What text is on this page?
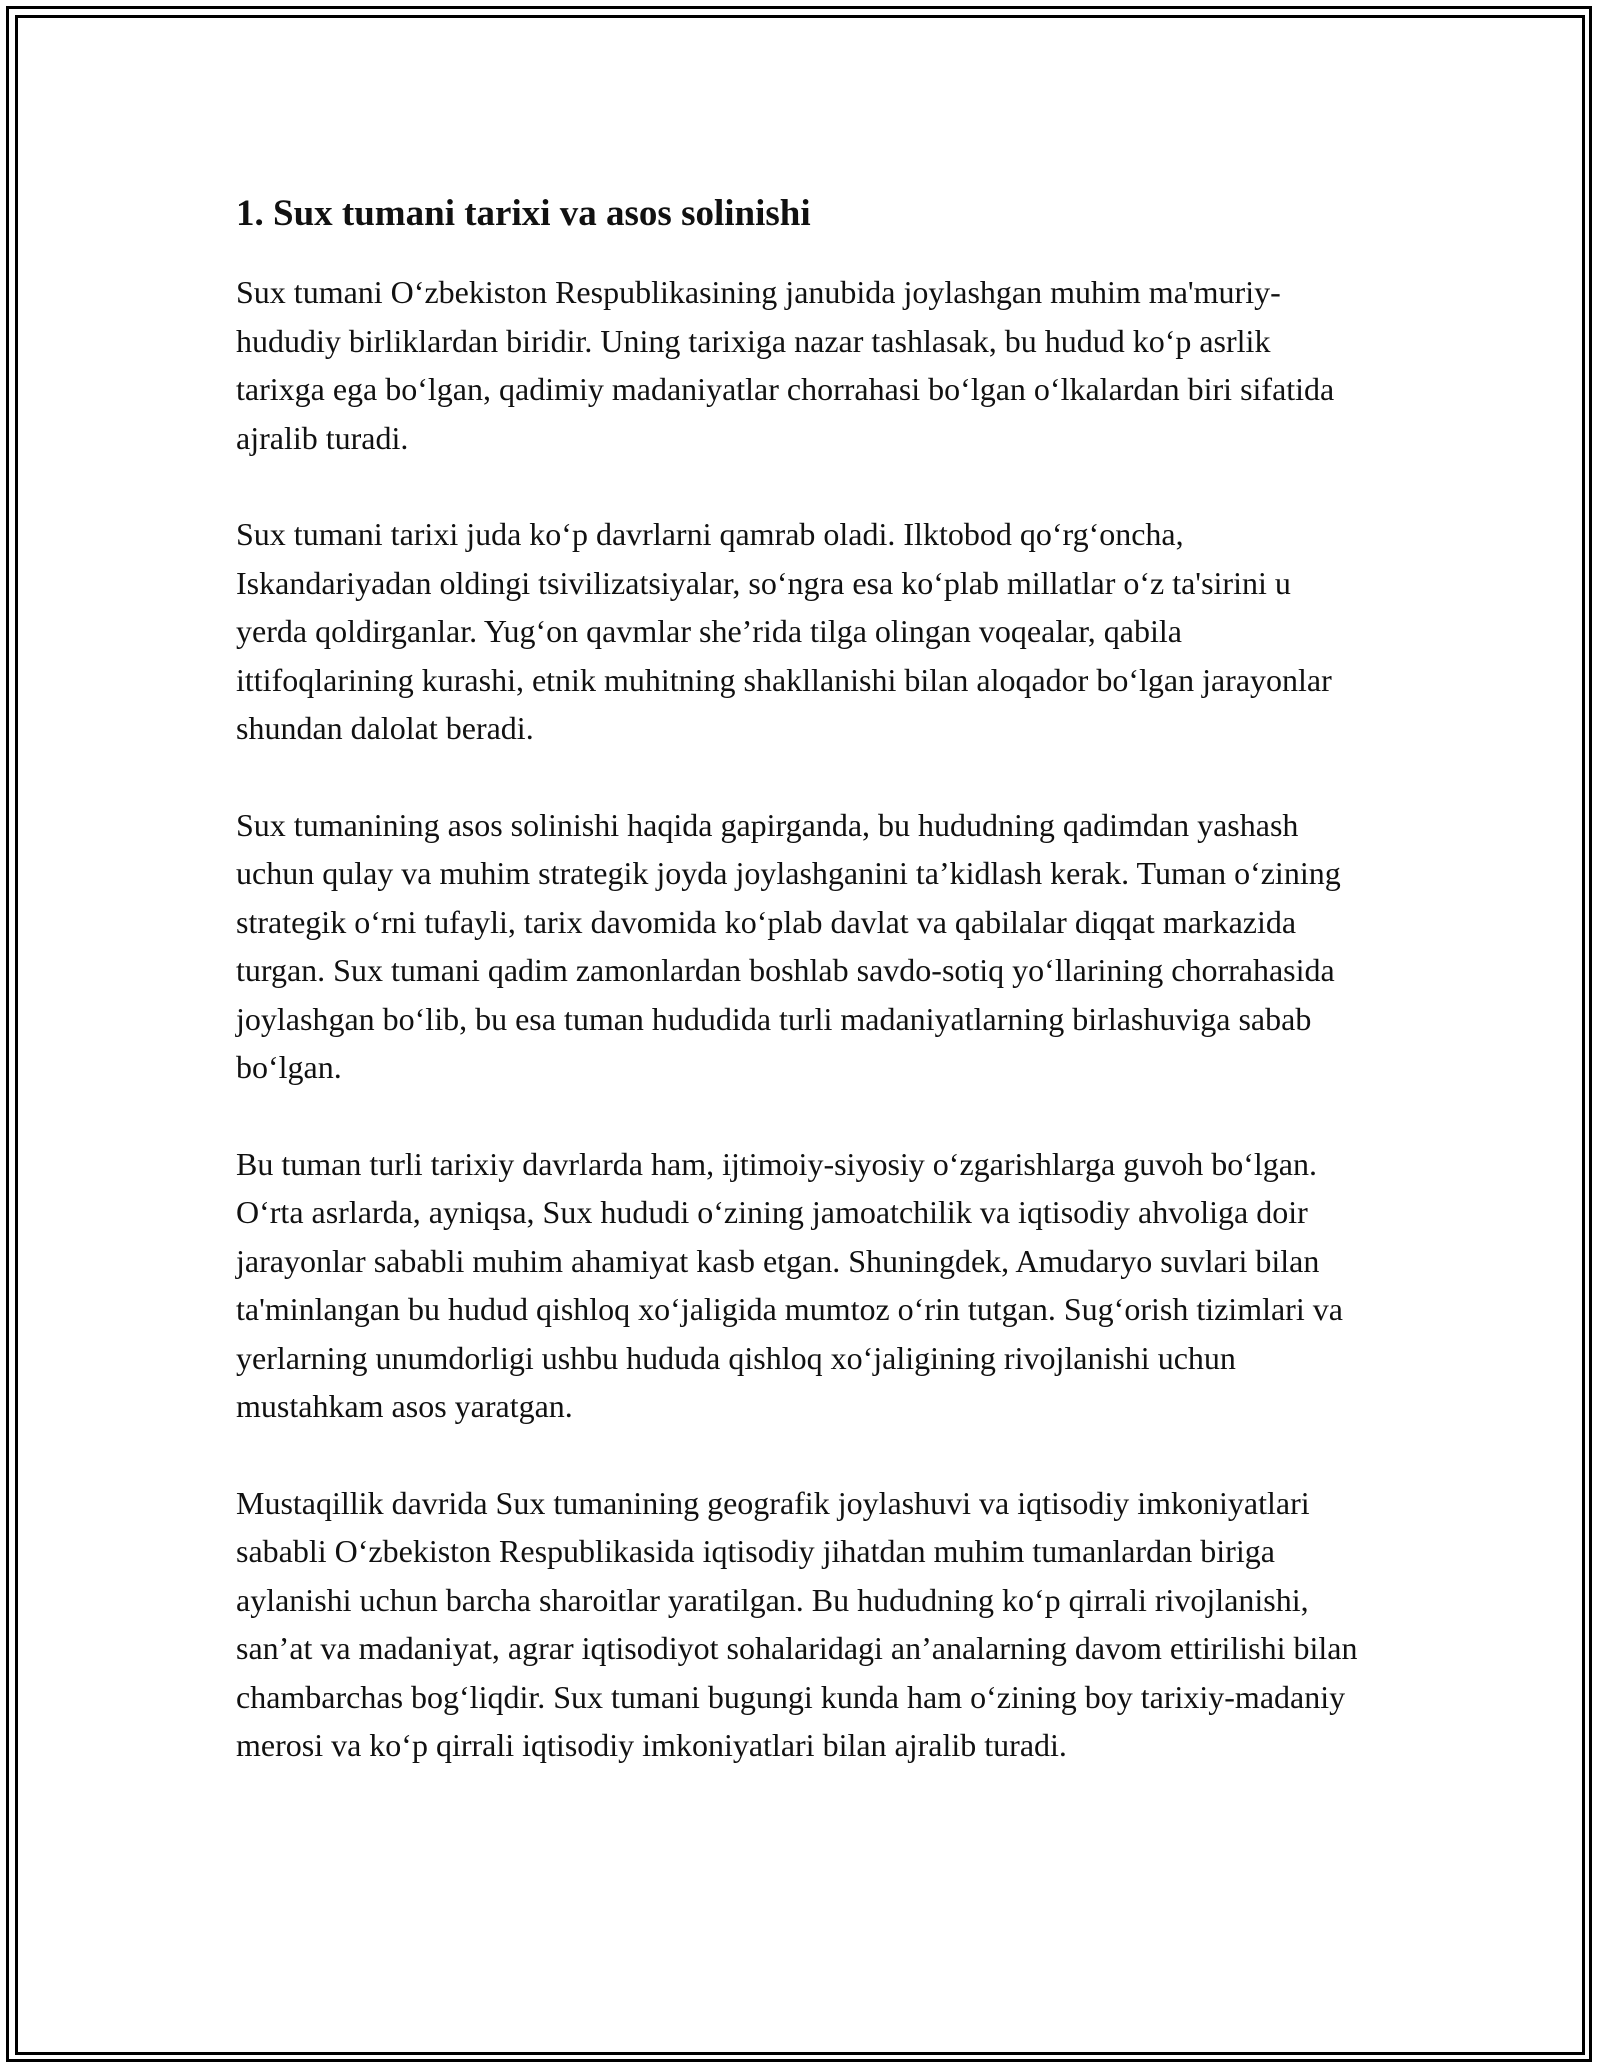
1. Sux tumani tarixi va asos solinishi

Sux tumani O‘zbekiston Respublikasining janubida joylashgan muhim ma'muriy-hududiy birliklardan biridir. Uning tarixiga nazar tashlasak, bu hudud ko‘p asrlik tarixga ega bo‘lgan, qadimiy madaniyatlar chorrahasi bo‘lgan o‘lkalardan biri sifatida ajralib turadi.

Sux tumani tarixi juda ko‘p davrlarni qamrab oladi. Ilktobod qo‘rg‘oncha, Iskandariyadan oldingi tsivilizatsiyalar, so‘ngra esa ko‘plab millatlar o‘z ta'sirini u yerda qoldirganlar. Yug‘on qavmlar she’rida tilga olingan voqealar, qabila ittifoqlarining kurashi, etnik muhitning shakllanishi bilan aloqador bo‘lgan jarayonlar shundan dalolat beradi.

Sux tumanining asos solinishi haqida gapirganda, bu hududning qadimdan yashash uchun qulay va muhim strategik joyda joylashganini ta’kidlash kerak. Tuman o‘zining strategik o‘rni tufayli, tarix davomida ko‘plab davlat va qabilalar diqqat markazida turgan. Sux tumani qadim zamonlardan boshlab savdo-sotiq yo‘llarining chorrahasida joylashgan bo‘lib, bu esa tuman hududida turli madaniyatlarning birlashuviga sabab bo‘lgan.

Bu tuman turli tarixiy davrlarda ham, ijtimoiy-siyosiy o‘zgarishlarga guvoh bo‘lgan. O‘rta asrlarda, ayniqsa, Sux hududi o‘zining jamoatchilik va iqtisodiy ahvoliga doir jarayonlar sababli muhim ahamiyat kasb etgan. Shuningdek, Amudaryo suvlari bilan ta'minlangan bu hudud qishloq xo‘jaligida mumtoz o‘rin tutgan. Sug‘orish tizimlari va yerlarning unumdorligi ushbu hududa qishloq xo‘jaligining rivojlanishi uchun mustahkam asos yaratgan.

Mustaqillik davrida Sux tumanining geografik joylashuvi va iqtisodiy imkoniyatlari sababli O‘zbekiston Respublikasida iqtisodiy jihatdan muhim tumanlardan biriga aylanishi uchun barcha sharoitlar yaratilgan. Bu hududning ko‘p qirrali rivojlanishi, san’at va madaniyat, agrar iqtisodiyot sohalaridagi an’analarning davom ettirilishi bilan chambarchas bog‘liqdir. Sux tumani bugungi kunda ham o‘zining boy tarixiy-madaniy merosi va ko‘p qirrali iqtisodiy imkoniyatlari bilan ajralib turadi.
